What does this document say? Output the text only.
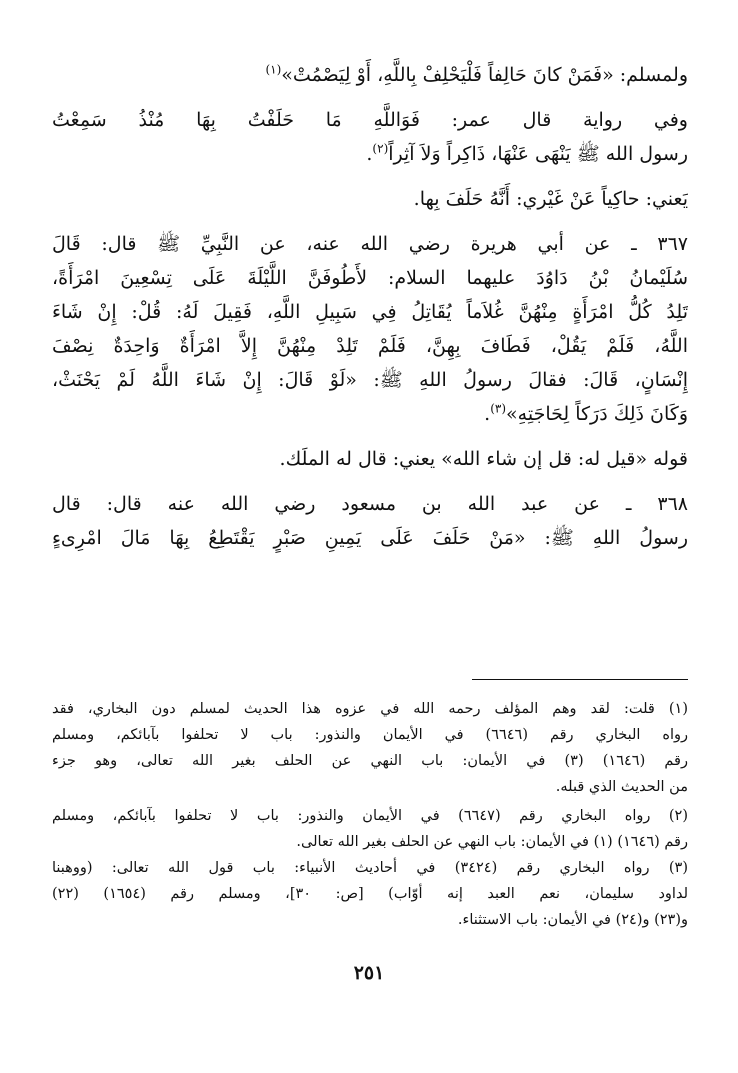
ولمسلم: «فَمَنْ كانَ حَالِفاً فَلْيَحْلِفْ بِاللَّهِ، أَوْ لِيَصْمُتْ»$^{(١)}$

وفي رواية قال عمر: فَوَاللَّهِ مَا حَلَفْتُ بِهَا مُنْذُ سَمِعْتُ

رسول الله ﷺ يَنْهَى عَنْهَا، ذَاكِراً وَلاَ آثِراً$^{(٢)}$.

يَعني: حاكِياً عَنْ غَيْري: أَنَّهُ حَلَفَ بِها.

٣٦٧ ـ عن أبي هريرة رضي الله عنه، عن النَّبِيِّ ﷺ قال: قَالَ

سُلَيْمانُ بْنُ دَاوُدَ عليهما السلام: لأَطُوفَنَّ اللَّيْلَةَ عَلَى تِسْعِينَ امْرَأَةً،

تَلِدُ كُلُّ امْرَأَةٍ مِنْهُنَّ غُلاَماً يُقَاتِلُ فِي سَبِيلِ اللَّهِ، فَقِيلَ لَهُ: قُلْ: إِنْ شَاءَ

اللَّهُ، فَلَمْ يَقُلْ، فَطَافَ بِهِنَّ، فَلَمْ تَلِدْ مِنْهُنَّ إِلاَّ امْرَأَةٌ وَاحِدَةٌ نِصْفَ

إِنْسَانٍ، قَالَ: فقالَ رسولُ اللهِ ﷺ: «لَوْ قَالَ: إِنْ شَاءَ اللَّهُ لَمْ يَحْنَثْ،

وَكَانَ ذَلِكَ دَرَكاً لِحَاجَتِهِ»$^{(٣)}$.

قوله «قيل له: قل إن شاء الله» يعني: قال له الملَك.

٣٦٨ ـ عن عبد الله بن مسعود رضي الله عنه قال: قال

رسولُ اللهِ ﷺ: «مَنْ حَلَفَ عَلَى يَمِينِ صَبْرٍ يَقْتَطِعُ بِهَا مَالَ امْرِىءٍ

(١) قلت: لقد وهم المؤلف رحمه الله في عزوه هذا الحديث لمسلم دون البخاري، فقد

رواه البخاري رقم (٦٦٤٦) في الأيمان والنذور: باب لا تحلفوا بآبائكم، ومسلم

رقم (١٦٤٦) (٣) في الأيمان: باب النهي عن الحلف بغير الله تعالى، وهو جزء

من الحديث الذي قبله.

(٢) رواه البخاري رقم (٦٦٤٧) في الأيمان والنذور: باب لا تحلفوا بآبائكم، ومسلم

رقم (١٦٤٦) (١) في الأيمان: باب النهي عن الحلف بغير الله تعالى.

(٣) رواه البخاري رقم (٣٤٢٤) في أحاديث الأنبياء: باب قول الله تعالى: (ووهبنا

لداود سليمان، نعم العبد إنه أوّاب) [ص: ٣٠]، ومسلم رقم (١٦٥٤) (٢٢)

و(٢٣) و(٢٤) في الأيمان: باب الاستثناء.

٢٥١
